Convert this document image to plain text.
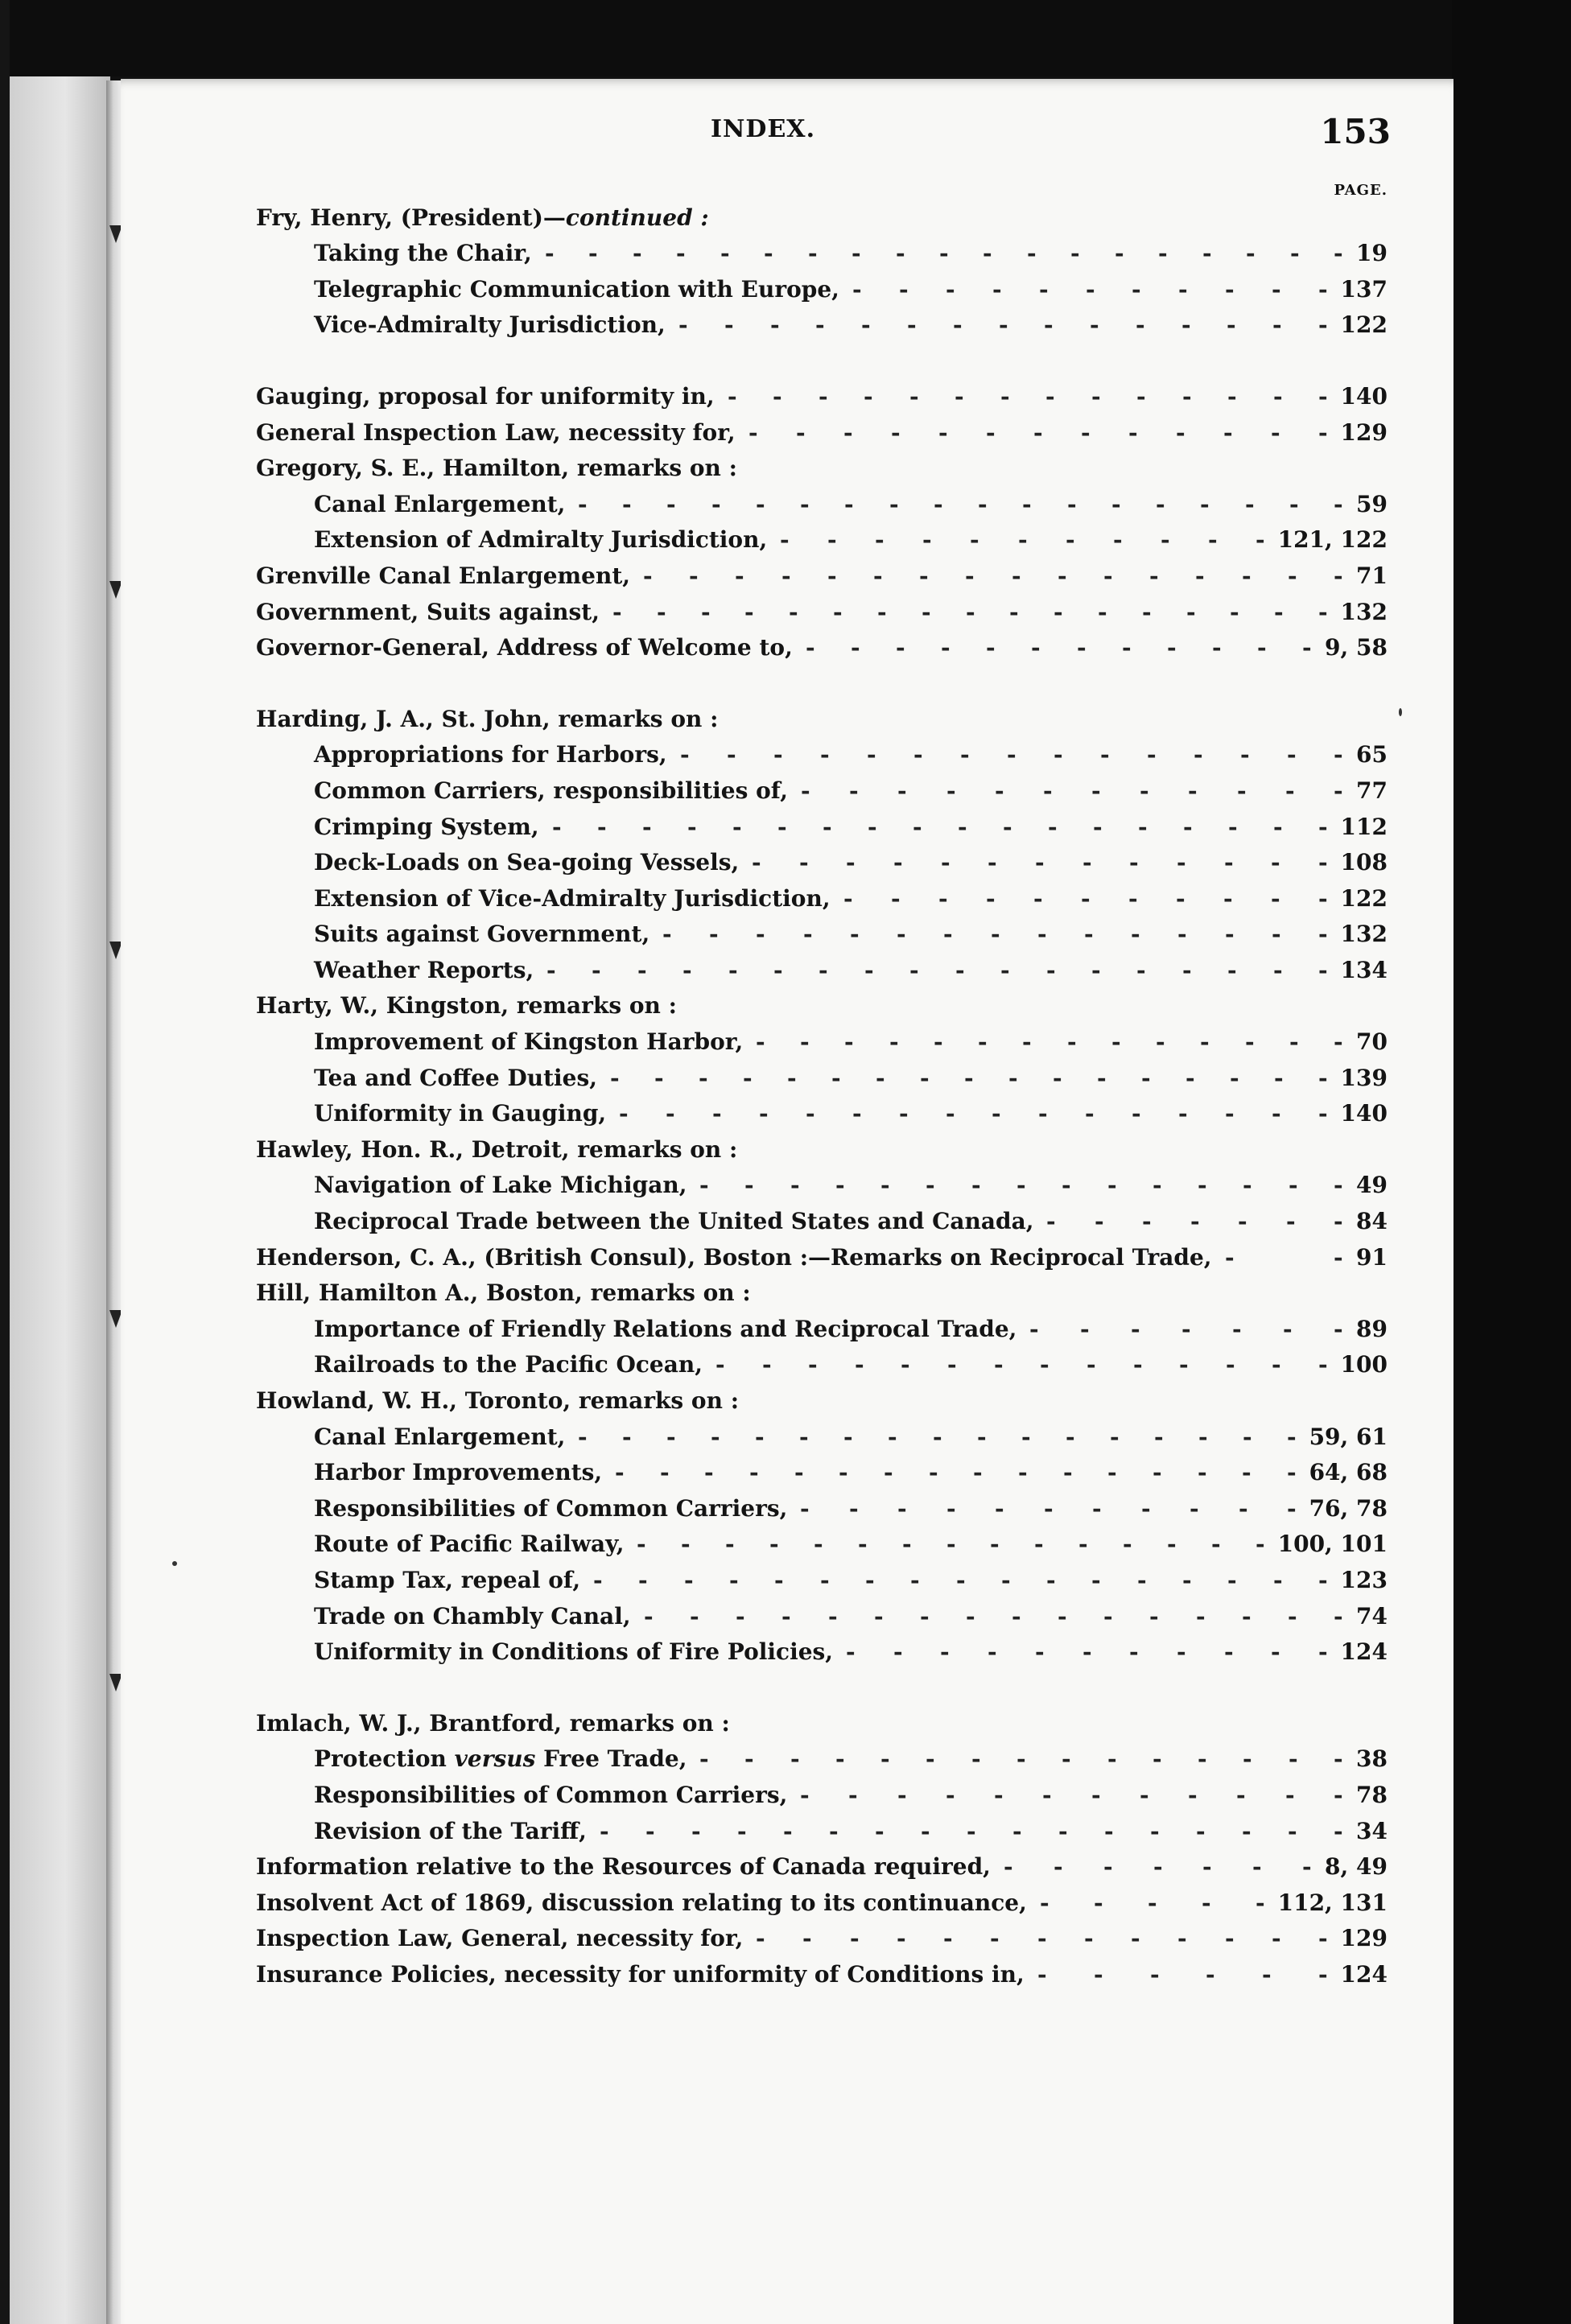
INDEX.	153
PAGE.
Fry, Henry, (President)—continued :
Taking the Chair,	19
- - - - - - - - - - - - - - - - - - -
Telegraphic Communication with Europe,	137
- - - - - - - - - - -
Vice-Admiralty Jurisdiction,	122
- - - - - - - - - - - - - - -
Gauging, proposal for uniformity in,	140
- - - - - - - - - - - - - -
General Inspection Law, necessity for,	129
- - - - - - - - - - - - -
Gregory, S. E., Hamilton, remarks on :
Canal Enlargement,	59
- - - - - - - - - - - - - - - - - -
Extension of Admiralty Jurisdiction,	121, 122
- - - - - - - - - - -
Grenville Canal Enlargement,	71
- - - - - - - - - - - - - - - -
Government, Suits against,	132
- - - - - - - - - - - - - - - - -
Governor-General, Address of Welcome to,	9, 58
- - - - - - - - - - - -
Harding, J. A., St. John, remarks on :
Appropriations for Harbors,	65
- - - - - - - - - - - - - - -
Common Carriers, responsibilities of,	77
- - - - - - - - - - - -
Crimping System,	112
- - - - - - - - - - - - - - - - - -
Deck-Loads on Sea-going Vessels,	108
- - - - - - - - - - - - -
Extension of Vice-Admiralty Jurisdiction,	122
- - - - - - - - - - -
Suits against Government,	132
- - - - - - - - - - - - - - -
Weather Reports,	134
- - - - - - - - - - - - - - - - - -
Harty, W., Kingston, remarks on :
Improvement of Kingston Harbor,	70
- - - - - - - - - - - - - -
Tea and Coffee Duties,	139
- - - - - - - - - - - - - - - - -
Uniformity in Gauging,	140
- - - - - - - - - - - - - - - -
Hawley, Hon. R., Detroit, remarks on :
Navigation of Lake Michigan,	49
- - - - - - - - - - - - - - -
Reciprocal Trade between the United States and Canada,	84
- - - - - - -
Henderson, C. A., (British Consul), Boston :—Remarks on Reciprocal Trade,	91
-	-
Hill, Hamilton A., Boston, remarks on :
Importance of Friendly Relations and Reciprocal Trade,	89
- - - - - - -
Railroads to the Pacific Ocean,	100
- - - - - - - - - - - - - -
Howland, W. H., Toronto, remarks on :
Canal Enlargement,	59, 61
- - - - - - - - - - - - - - - - -
Harbor Improvements,	64, 68
- - - - - - - - - - - - - - - -
Responsibilities of Common Carriers,	76, 78
- - - - - - - - - - -
Route of Pacific Railway,	100, 101
- - - - - - - - - - - - - - -
Stamp Tax, repeal of,	123
- - - - - - - - - - - - - - - - -
Trade on Chambly Canal,	74
- - - - - - - - - - - - - - - -
Uniformity in Conditions of Fire Policies,	124
- - - - - - - - - - -
Imlach, W. J., Brantford, remarks on :
Protection versus Free Trade,	38
- - - - - - - - - - - - - - -
Responsibilities of Common Carriers,	78
- - - - - - - - - - - -
Revision of the Tariff,	34
- - - - - - - - - - - - - - - - -
Information relative to the Resources of Canada required,	8, 49
- - - - - - -
Insolvent Act of 1869, discussion relating to its continuance,	112, 131
- - - - -
Inspection Law, General, necessity for,	129
- - - - - - - - - - - - -
Insurance Policies, necessity for uniformity of Conditions in,	124
- - - - - -
